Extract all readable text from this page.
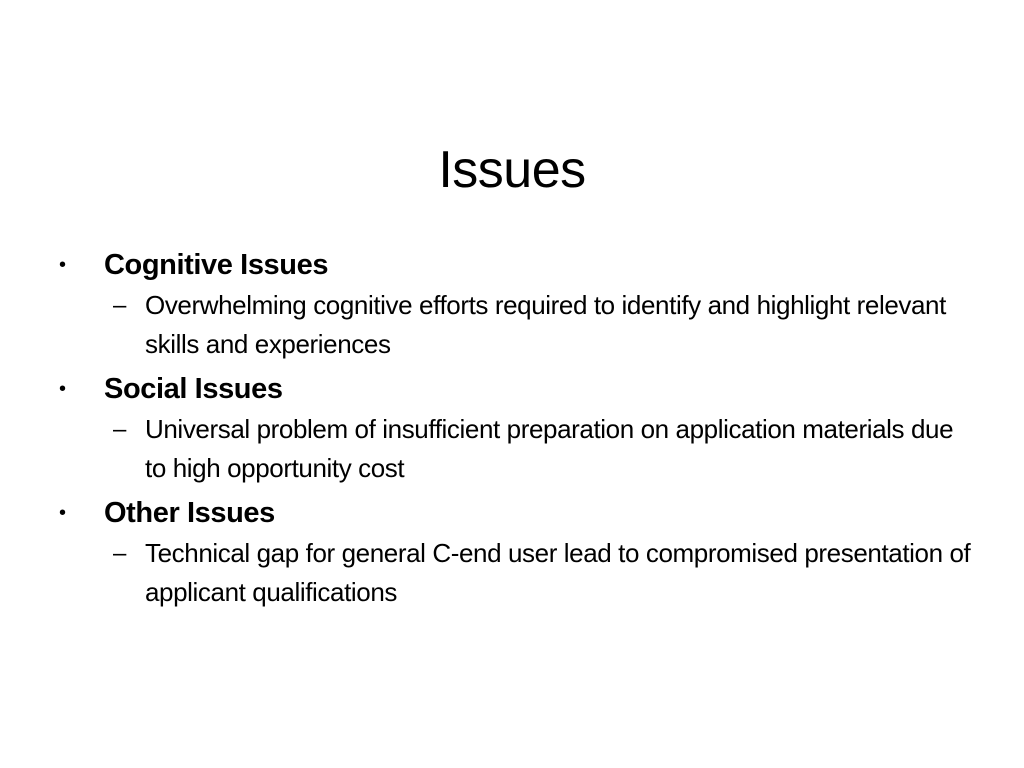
Issues
• Cognitive Issues
– Overwhelming cognitive efforts required to identify and highlight relevant skills and experiences
• Social Issues
– Universal problem of insufficient preparation on application materials due to high opportunity cost
• Other Issues
– Technical gap for general C-end user lead to compromised presentation of applicant qualifications
